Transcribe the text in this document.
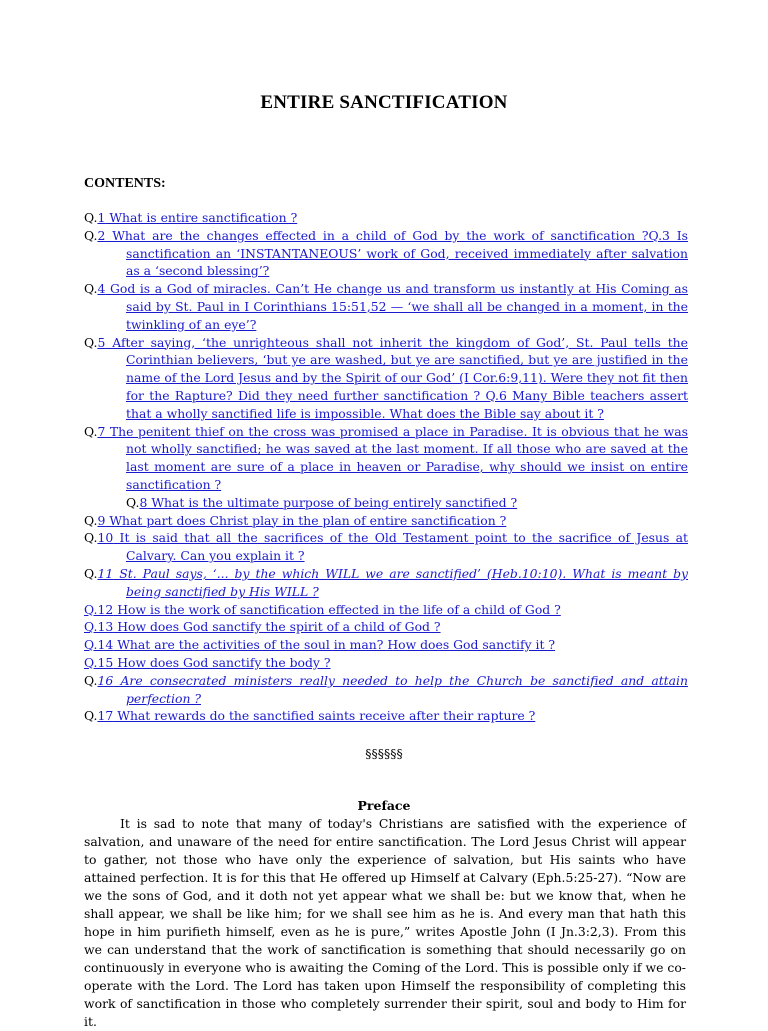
ENTIRE SANCTIFICATION
CONTENTS:

Q.1 What is entire sanctification ?

Q.2 What are the changes effected in a child of God by the work of sanctification ?Q.3 Is sanctification an ‘INSTANTANEOUS’ work of God, received immediately after salvation as a ‘second blessing’?

Q.4 God is a God of miracles. Can’t He change us and transform us instantly at His Coming as said by St. Paul in I Corinthians 15:51,52 — ‘we shall all be changed in a moment, in the twinkling of an eye’?

Q.5 After saying, ‘the unrighteous shall not inherit the kingdom of God’, St. Paul tells the Corinthian believers, ‘but ye are washed, but ye are sanctified, but ye are justified in the name of the Lord Jesus and by the Spirit of our God’ (I Cor.6:9,11). Were they not fit then for the Rapture? Did they need further sanctification ? Q.6 Many Bible teachers assert that a wholly sanctified life is impossible. What does the Bible say about it ?

Q.7 The penitent thief on the cross was promised a place in Paradise. It is obvious that he was not wholly sanctified; he was saved at the last moment. If all those who are saved at the last moment are sure of a place in heaven or Paradise, why should we insist on entire sanctification ?

Q.8 What is the ultimate purpose of being entirely sanctified ?

Q.9 What part does Christ play in the plan of entire sanctification ?

Q.10 It is said that all the sacrifices of the Old Testament point to the sacrifice of Jesus at Calvary. Can you explain it ?

Q.11 St. Paul says, ‘... by the which WILL we are sanctified’ (Heb.10:10). What is meant by being sanctified by His WILL ?

Q.12 How is the work of sanctification effected in the life of a child of God ?

Q.13 How does God sanctify the spirit of a child of God ?

Q.14 What are the activities of the soul in man? How does God sanctify it ?

Q.15 How does God sanctify the body ?

Q.16 Are consecrated ministers really needed to help the Church be sanctified and attain perfection ?

Q.17 What rewards do the sanctified saints receive after their rapture ?

§§§§§§
Preface

It is sad to note that many of today's Christians are satisfied with the experience of salvation, and unaware of the need for entire sanctification. The Lord Jesus Christ will appear to gather, not those who have only the experience of salvation, but His saints who have attained perfection. It is for this that He offered up Himself at Calvary (Eph.5:25-27). “Now are we the sons of God, and it doth not yet appear what we shall be: but we know that, when he shall appear, we shall be like him; for we shall see him as he is. And every man that hath this hope in him purifieth himself, even as he is pure,” writes Apostle John (I Jn.3:2,3). From this we can understand that the work of sanctification is something that should necessarily go on continuously in everyone who is awaiting the Coming of the Lord. This is possible only if we co-operate with the Lord. The Lord has taken upon Himself the responsibility of completing this work of sanctification in those who completely surrender their spirit, soul and body to Him for it.
